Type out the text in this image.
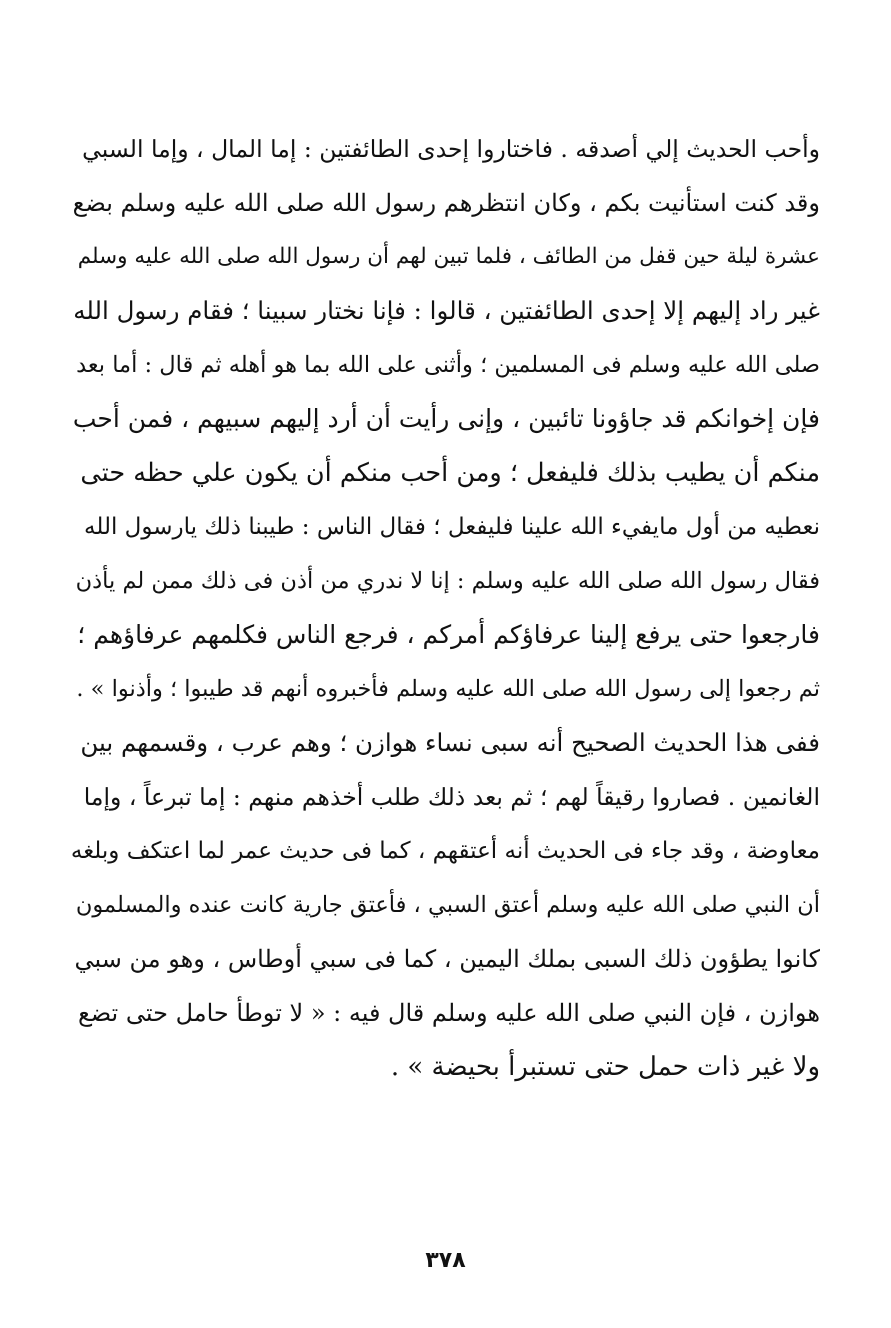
وأحب الحديث إلي أصدقه . فاختاروا إحدى الطائفتين : إما المال ، وإما السبي
وقد كنت استأنيت بكم ، وكان انتظرهم رسول الله صلى الله عليه وسلم بضع
عشرة ليلة حين قفل من الطائف ، فلما تبين لهم أن رسول الله صلى الله عليه وسلم
غير راد إليهم إلا إحدى الطائفتين ، قالوا : فإنا نختار سبينا ؛ فقام رسول الله
صلى الله عليه وسلم فى المسلمين ؛ وأثنى على الله بما هو أهله ثم قال : أما بعد
فإن إخوانكم قد جاؤونا تائبين ، وإنى رأيت أن أرد إليهم سبيهم ، فمن أحب
منكم أن يطيب بذلك فليفعل ؛ ومن أحب منكم أن يكون علي حظه حتى
نعطيه من أول مايفيء الله علينا فليفعل ؛ فقال الناس : طيبنا ذلك يارسول الله
فقال رسول الله صلى الله عليه وسلم : إنا لا ندري من أذن فى ذلك ممن لم يأذن
فارجعوا حتى يرفع إلينا عرفاؤكم أمركم ، فرجع الناس فكلمهم عرفاؤهم ؛
ثم رجعوا إلى رسول الله صلى الله عليه وسلم فأخبروه أنهم قد طيبوا ؛ وأذنوا » .
ففى هذا الحديث الصحيح أنه سبى نساء هوازن ؛ وهم عرب ، وقسمهم بين
الغانمين . فصاروا رقيقاً لهم ؛ ثم بعد ذلك طلب أخذهم منهم : إما تبرعاً ، وإما
معاوضة ، وقد جاء فى الحديث أنه أعتقهم ، كما فى حديث عمر لما اعتكف وبلغه
أن النبي صلى الله عليه وسلم أعتق السبي ، فأعتق جارية كانت عنده والمسلمون
كانوا يطؤون ذلك السبى بملك اليمين ، كما فى سبي أوطاس ، وهو من سبي
هوازن ، فإن النبي صلى الله عليه وسلم قال فيه : « لا توطأ حامل حتى تضع
ولا غير ذات حمل حتى تستبرأ بحيضة » .
٣٧٨
